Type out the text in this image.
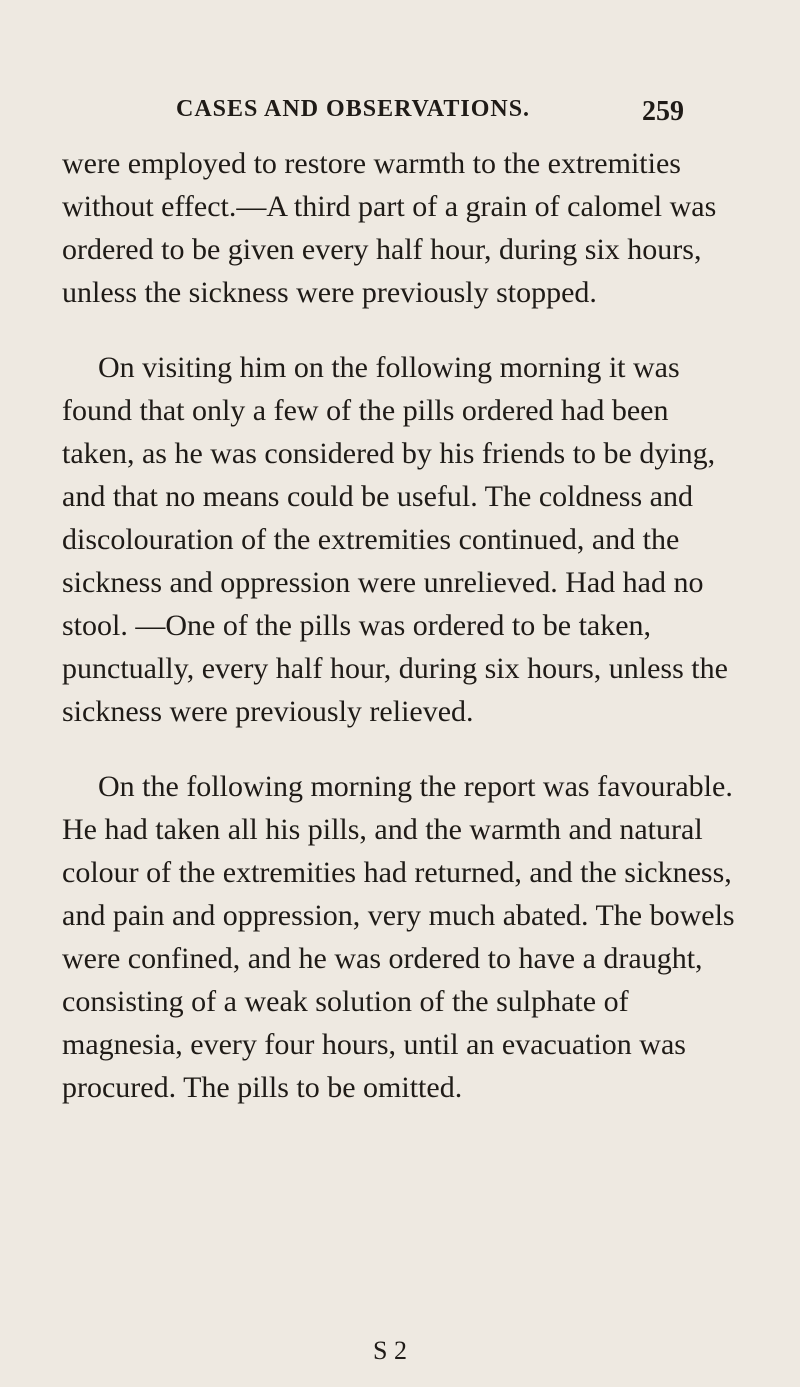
CASES AND OBSERVATIONS.	259

were employed to restore warmth to the extremities without effect.—A third part of a grain of calomel was ordered to be given every half hour, during six hours, unless the sickness were previously stopped.

On visiting him on the following morning it was found that only a few of the pills ordered had been taken, as he was considered by his friends to be dying, and that no means could be useful. The coldness and discolouration of the extremities continued, and the sickness and oppression were unrelieved. Had had no stool. —One of the pills was ordered to be taken, punctually, every half hour, during six hours, unless the sickness were previously relieved.

On the following morning the report was favourable. He had taken all his pills, and the warmth and natural colour of the extremities had returned, and the sickness, and pain and oppression, very much abated. The bowels were confined, and he was ordered to have a draught, consisting of a weak solution of the sulphate of magnesia, every four hours, until an evacuation was procured. The pills to be omitted.

S 2
